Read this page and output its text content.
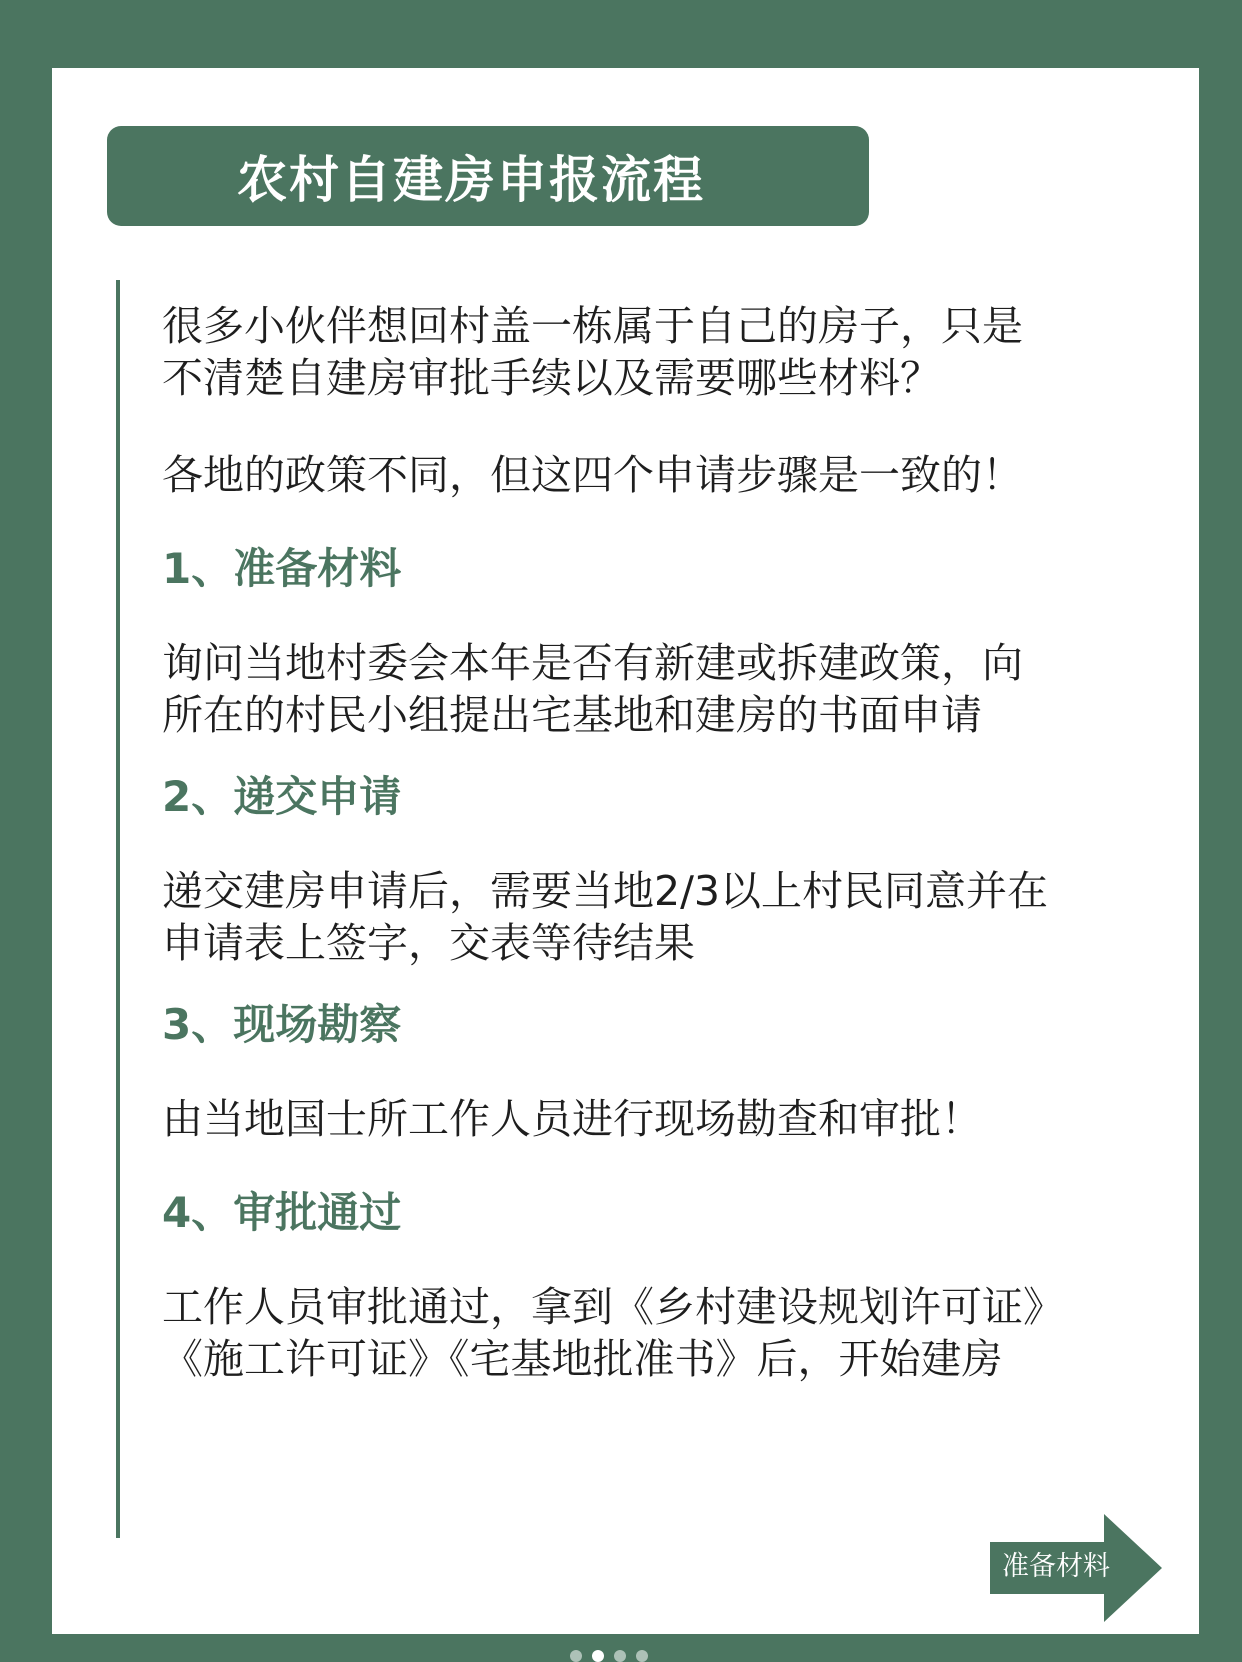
农村自建房申报流程

很多小伙伴想回村盖一栋属于自己的房子，只是

不清楚自建房审批手续以及需要哪些材料？

各地的政策不同，但这四个申请步骤是一致的！

1、准备材料

询问当地村委会本年是否有新建或拆建政策，向

所在的村民小组提出宅基地和建房的书面申请

2、递交申请

递交建房申请后，需要当地2/3以上村民同意并在

申请表上签字，交表等待结果

3、现场勘察

由当地国士所工作人员进行现场勘查和审批！

4、审批通过

工作人员审批通过，拿到《乡村建设规划许可证》

《施工许可证》《宅基地批准书》后，开始建房

准备材料
